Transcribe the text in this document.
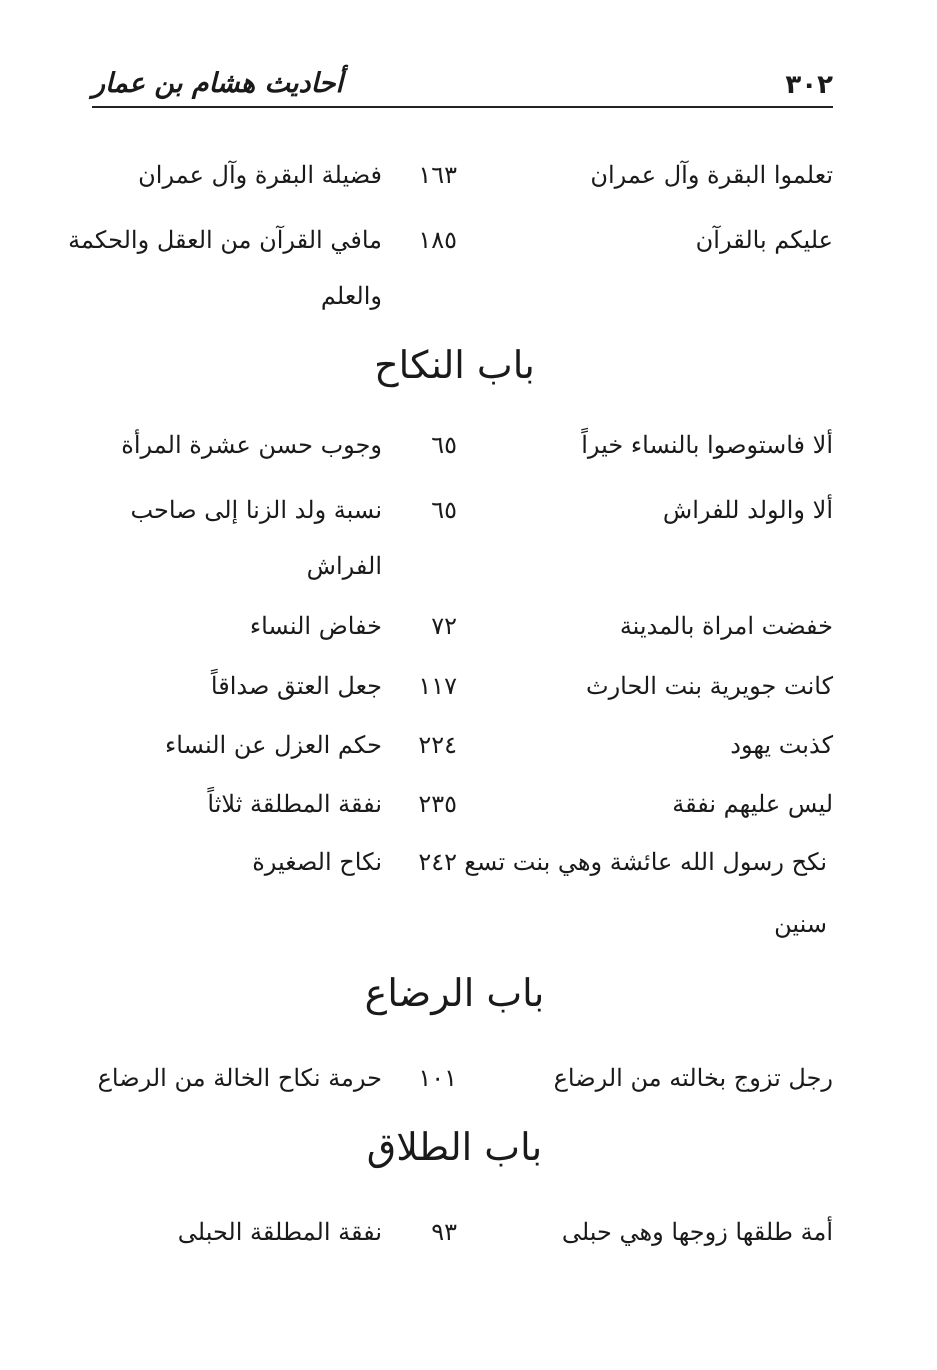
٣٠٢
أحاديث هشام بن عمار
تعلموا البقرة وآل عمران
١٦٣
فضيلة البقرة وآل عمران
عليكم بالقرآن
١٨٥
مافي القرآن من العقل والحكمة
والعلم
باب النكاح
ألا فاستوصوا بالنساء خيراً
٦٥
وجوب حسن عشرة المرأة
ألا والولد للفراش
٦٥
نسبة ولد الزنا إلى صاحب
الفراش
خفضت امراة بالمدينة
٧٢
خفاض النساء
كانت جويرية بنت الحارث
١١٧
جعل العتق صداقاً
كذبت يهود
٢٢٤
حكم العزل عن النساء
ليس عليهم نفقة
٢٣٥
نفقة المطلقة ثلاثاً
نكح رسول الله عائشة وهي بنت تسع
٢٤٢
نكاح الصغيرة
سنين
باب الرضاع
رجل تزوج بخالته من الرضاع
١٠١
حرمة نكاح الخالة من الرضاع
باب الطلاق
أمة طلقها زوجها وهي حبلى
٩٣
نفقة المطلقة الحبلى
